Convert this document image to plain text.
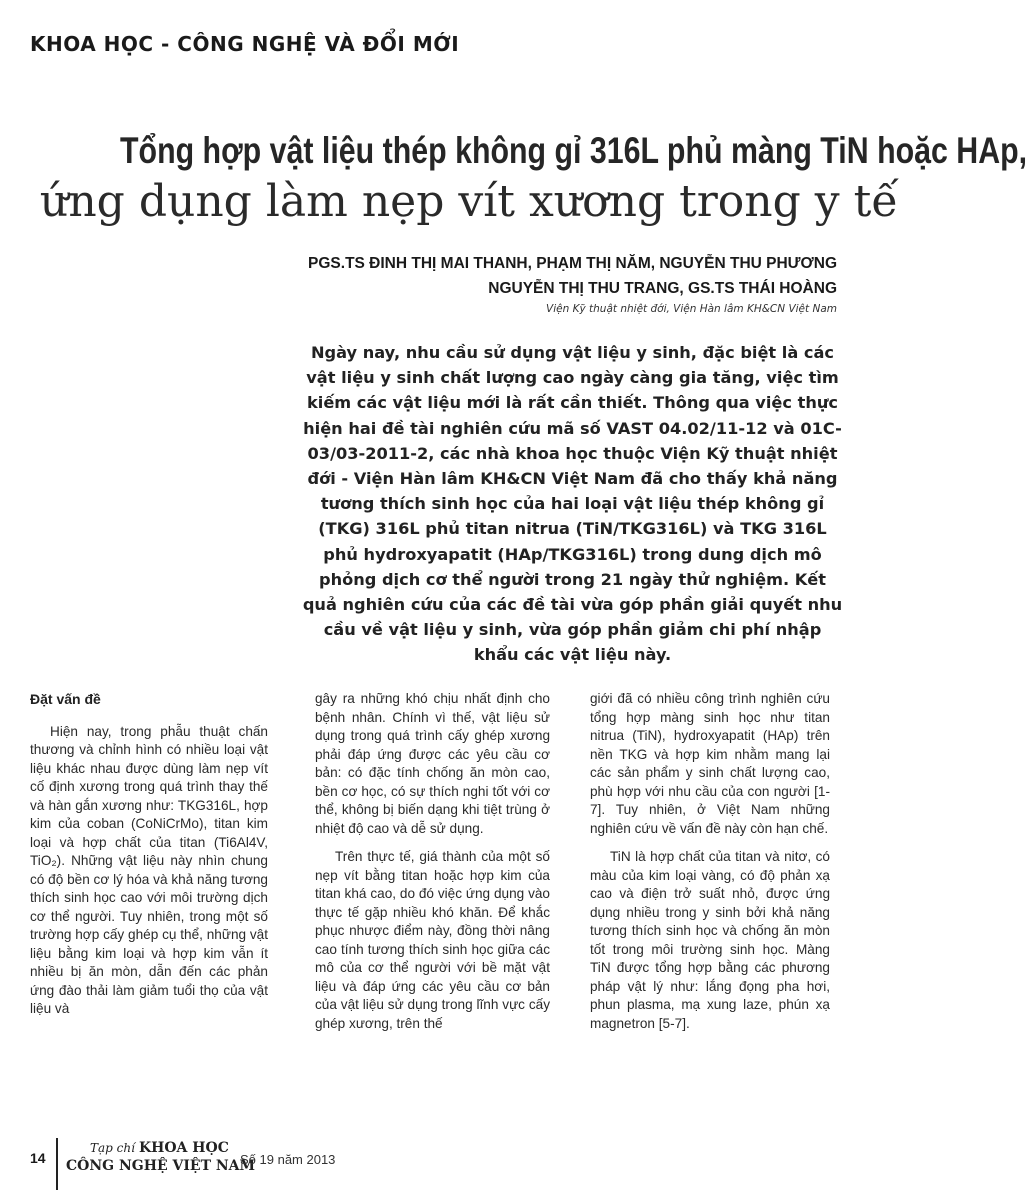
KHOA HỌC - CÔNG NGHỆ VÀ ĐỔI MỚI
Tổng hợp vật liệu thép không gỉ 316L phủ màng TiN hoặc HAp,
ứng dụng làm nẹp vít xương trong y tế
PGS.TS ĐINH THỊ MAI THANH, PHẠM THỊ NĂM, NGUYỄN THU PHƯƠNG
NGUYỄN THỊ THU TRANG, GS.TS THÁI HOÀNG
Viện Kỹ thuật nhiệt đới, Viện Hàn lâm KH&CN Việt Nam
Ngày nay, nhu cầu sử dụng vật liệu y sinh, đặc biệt là các vật liệu y sinh chất lượng cao ngày càng gia tăng, việc tìm kiếm các vật liệu mới là rất cần thiết. Thông qua việc thực hiện hai đề tài nghiên cứu mã số VAST 04.02/11-12 và 01C-03/03-2011-2, các nhà khoa học thuộc Viện Kỹ thuật nhiệt đới - Viện Hàn lâm KH&CN Việt Nam đã cho thấy khả năng tương thích sinh học của hai loại vật liệu thép không gỉ (TKG) 316L phủ titan nitrua (TiN/TKG316L) và TKG 316L phủ hydroxyapatit (HAp/TKG316L) trong dung dịch mô phỏng dịch cơ thể người trong 21 ngày thử nghiệm. Kết quả nghiên cứu của các đề tài vừa góp phần giải quyết nhu cầu về vật liệu y sinh, vừa góp phần giảm chi phí nhập khẩu các vật liệu này.
Đặt vấn đề

Hiện nay, trong phẫu thuật chấn thương và chỉnh hình có nhiều loại vật liệu khác nhau được dùng làm nẹp vít cố định xương trong quá trình thay thế và hàn gắn xương như: TKG316L, hợp kim của coban (CoNiCrMo), titan kim loại và hợp chất của titan (Ti6Al4V, TiO₂). Những vật liệu này nhìn chung có độ bền cơ lý hóa và khả năng tương thích sinh học cao với môi trường dịch cơ thể người. Tuy nhiên, trong một số trường hợp cấy ghép cụ thể, những vật liệu bằng kim loại và hợp kim vẫn ít nhiều bị ăn mòn, dẫn đến các phản ứng đào thải làm giảm tuổi thọ của vật liệu và

gây ra những khó chịu nhất định cho bệnh nhân. Chính vì thế, vật liệu sử dụng trong quá trình cấy ghép xương phải đáp ứng được các yêu cầu cơ bản: có đặc tính chống ăn mòn cao, bền cơ học, có sự thích nghi tốt với cơ thể, không bị biến dạng khi tiệt trùng ở nhiệt độ cao và dễ sử dụng.

Trên thực tế, giá thành của một số nẹp vít bằng titan hoặc hợp kim của titan khá cao, do đó việc ứng dụng vào thực tế gặp nhiều khó khăn. Để khắc phục nhược điểm này, đồng thời nâng cao tính tương thích sinh học giữa các mô của cơ thể người với bề mặt vật liệu và đáp ứng các yêu cầu cơ bản của vật liệu sử dụng trong lĩnh vực cấy ghép xương, trên thế

giới đã có nhiều công trình nghiên cứu tổng hợp màng sinh học như titan nitrua (TiN), hydroxyapatit (HAp) trên nền TKG và hợp kim nhằm mang lại các sản phẩm y sinh chất lượng cao, phù hợp với nhu cầu của con người [1-7]. Tuy nhiên, ở Việt Nam những nghiên cứu về vấn đề này còn hạn chế.

TiN là hợp chất của titan và nitơ, có màu của kim loại vàng, có độ phản xạ cao và điện trở suất nhỏ, được ứng dụng nhiều trong y sinh bởi khả năng tương thích sinh học và chống ăn mòn tốt trong môi trường sinh học. Màng TiN được tổng hợp bằng các phương pháp vật lý như: lắng đọng pha hơi, phun plasma, mạ xung laze, phún xạ magnetron [5-7].

14
Tạp chí KHOA HỌC
CÔNG NGHỆ VIỆT NAM
Số 19 năm 2013
